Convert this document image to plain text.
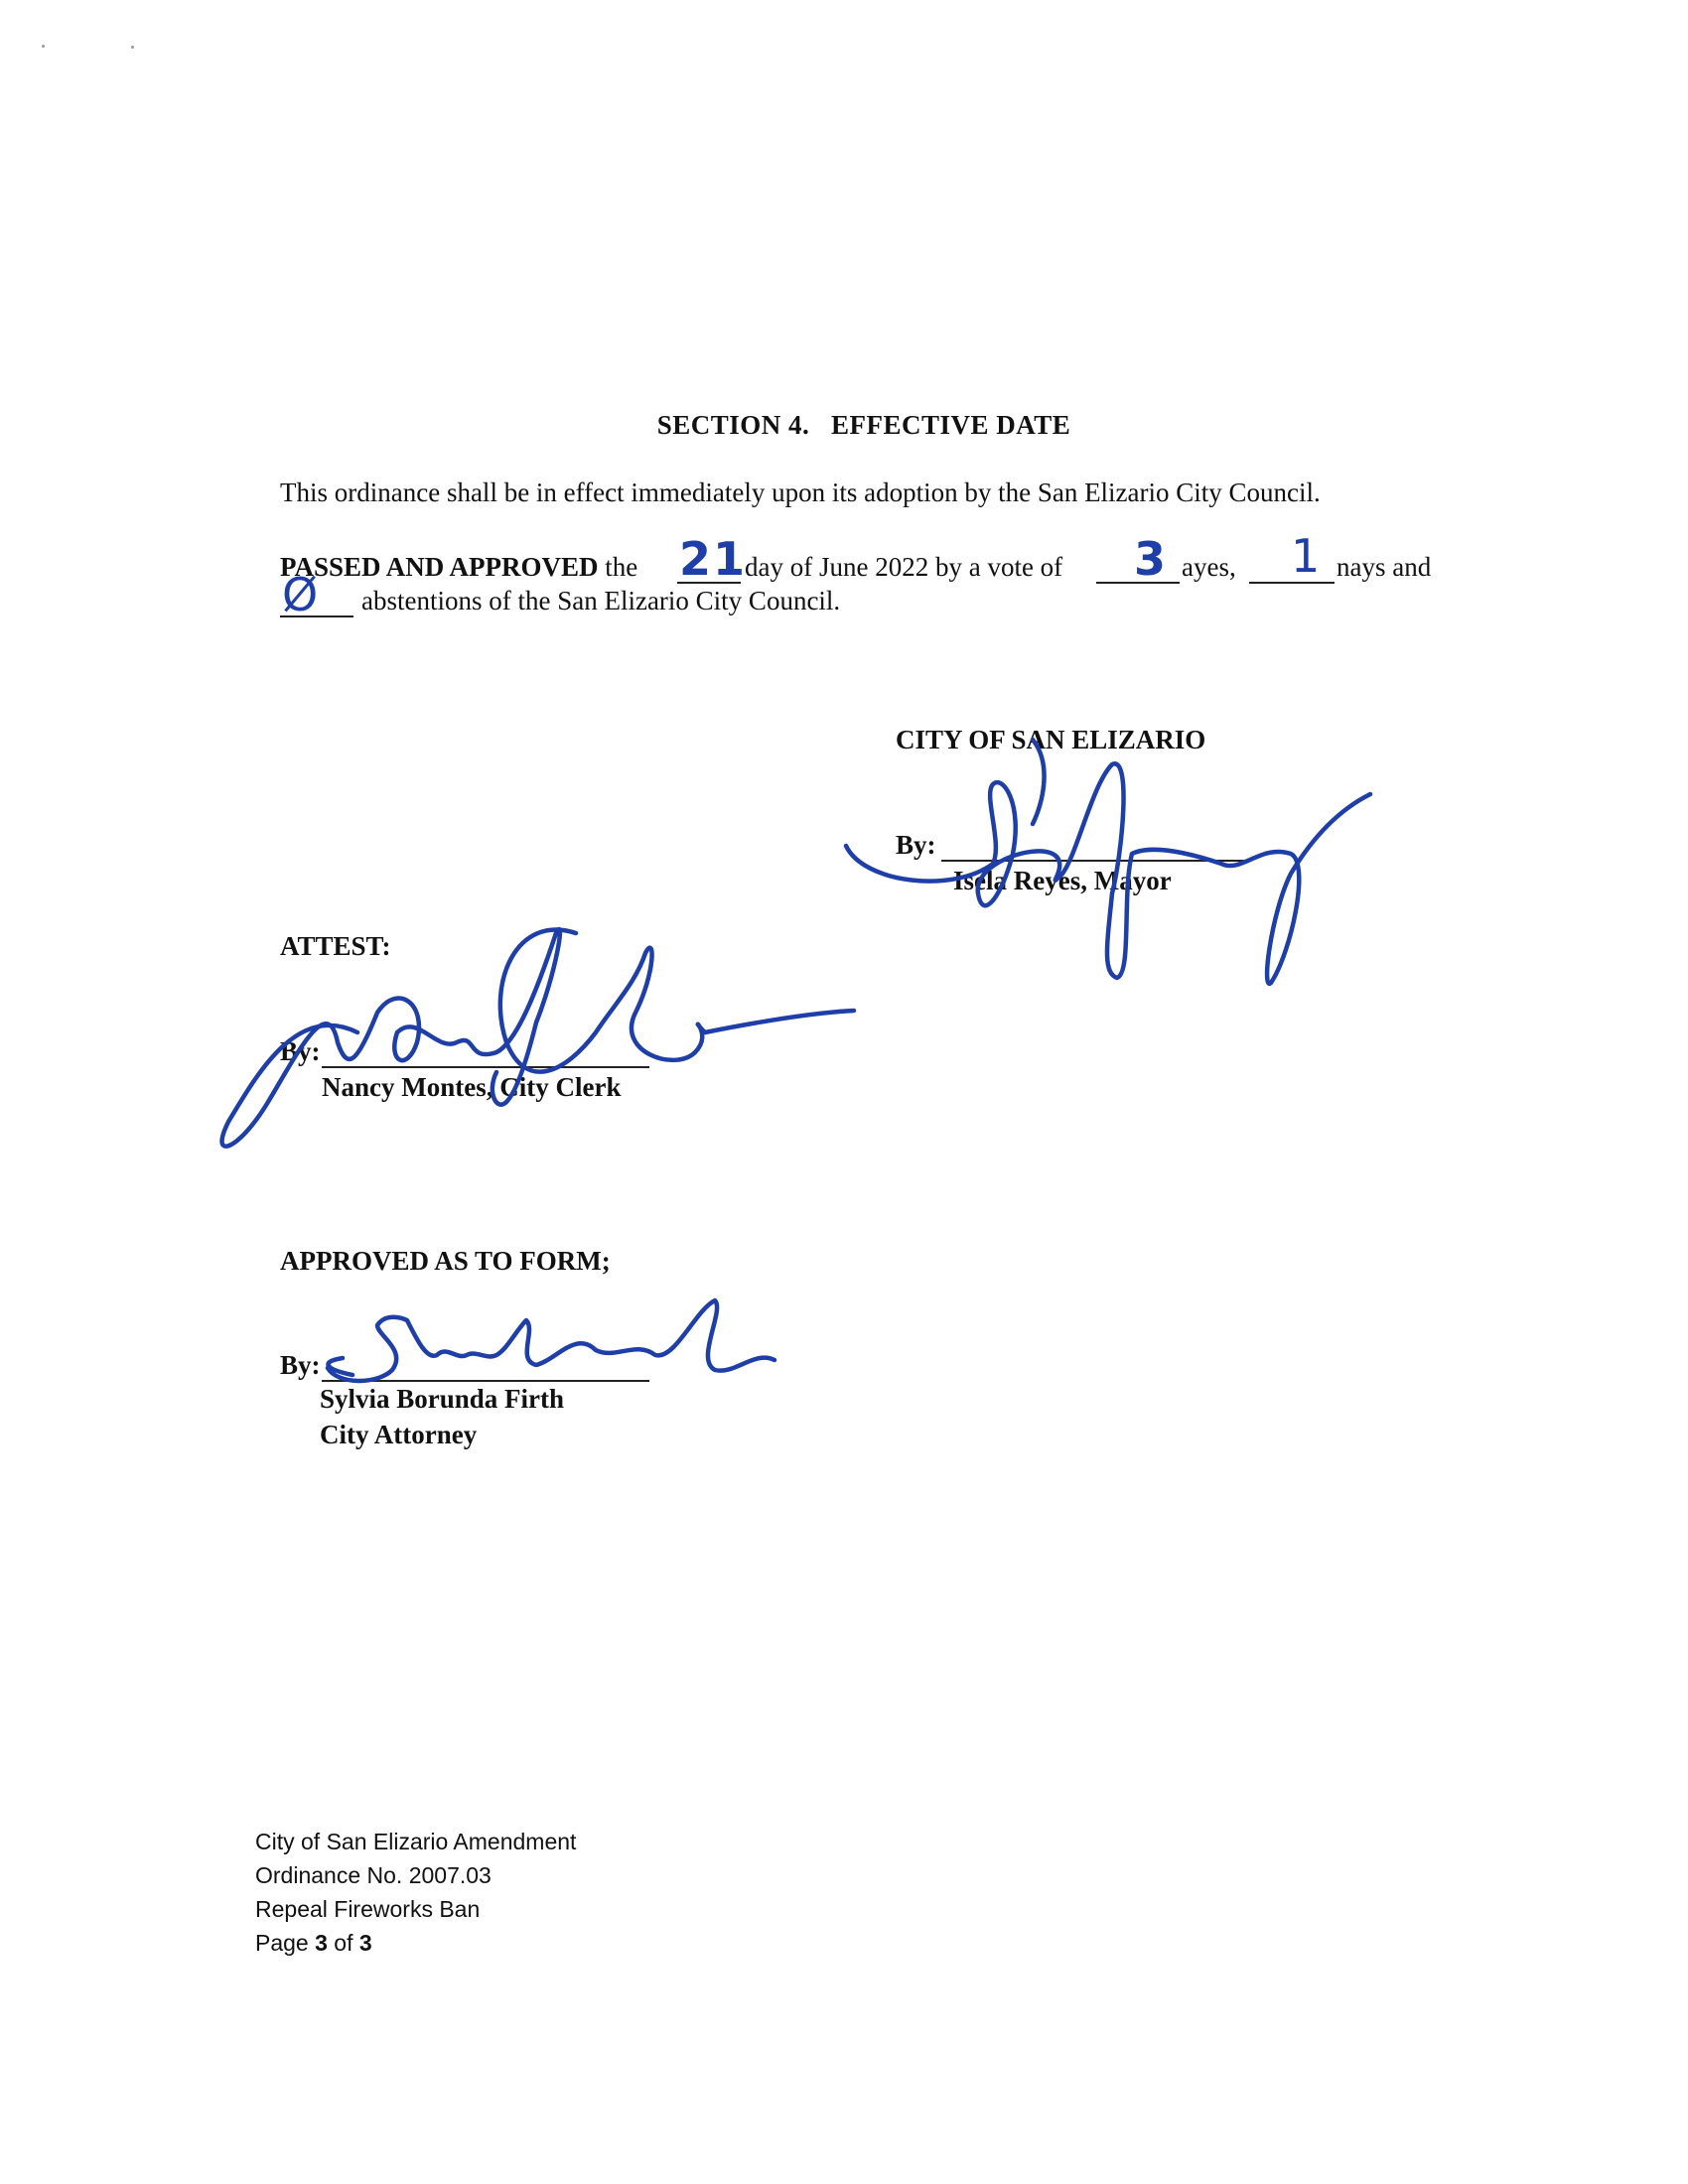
SECTION 4.   EFFECTIVE DATE
This ordinance shall be in effect immediately upon its adoption by the San Elizario City Council.
PASSED AND APPROVED the 21
day of June 2022 by a vote of 3 ayes, 1 nays and
Ø abstentions of the San Elizario City Council.
CITY OF SAN ELIZARIO
By:
Isela Reyes, Mayor
ATTEST:
By:
Nancy Montes, City Clerk
APPROVED AS TO FORM;
By:
Sylvia Borunda Firth
City Attorney
City of San Elizario Amendment
Ordinance No. 2007.03
Repeal Fireworks Ban
Page 3 of 3
